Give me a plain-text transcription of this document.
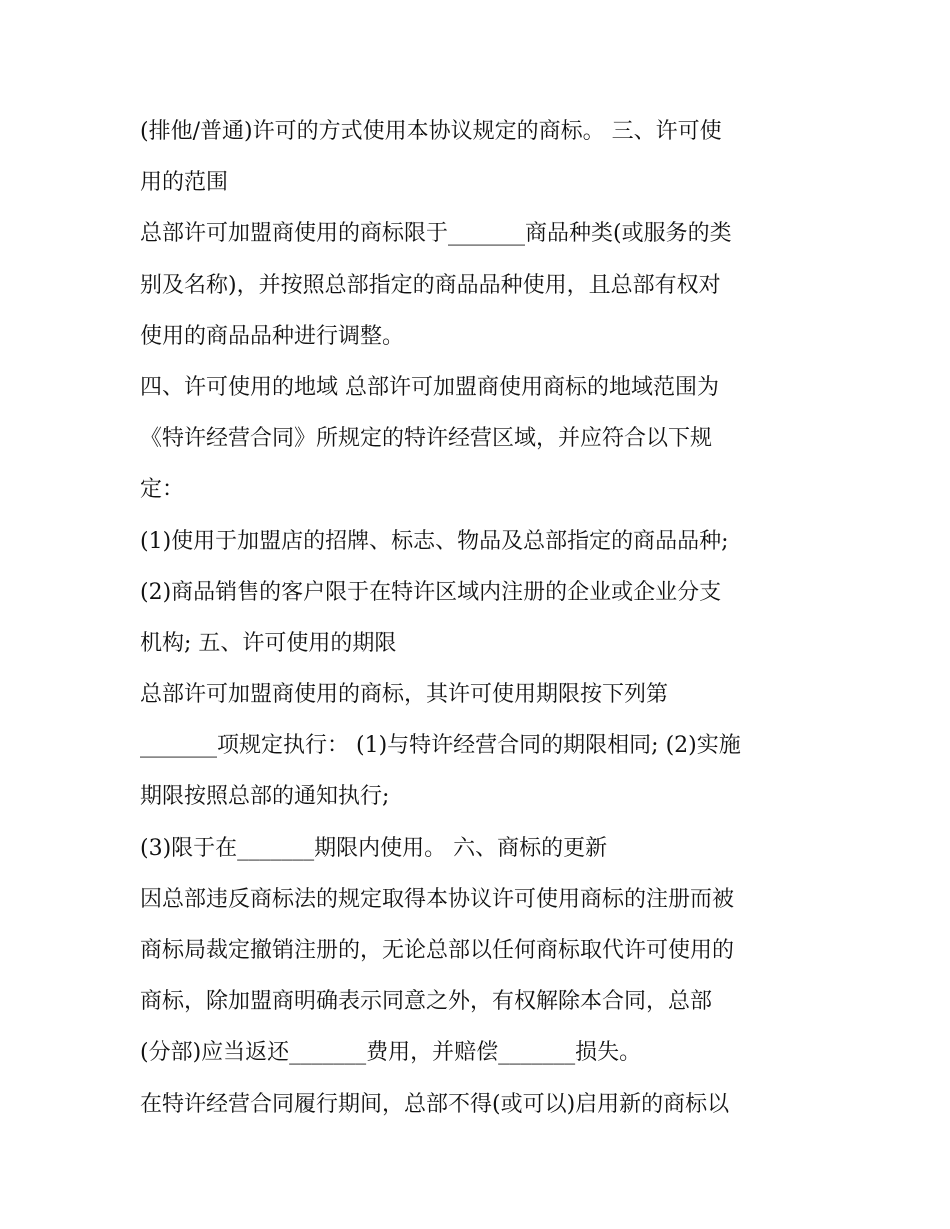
(排他/普通)许可的方式使用本协议规定的商标。 三、许可使
用的范围
总部许可加盟商使用的商标限于_______商品种类(或服务的类
别及名称)，并按照总部指定的商品品种使用，且总部有权对
使用的商品品种进行调整。
四、许可使用的地域 总部许可加盟商使用商标的地域范围为
《特许经营合同》所规定的特许经营区域，并应符合以下规
定：
(1)使用于加盟店的招牌、标志、物品及总部指定的商品品种;
(2)商品销售的客户限于在特许区域内注册的企业或企业分支
机构; 五、许可使用的期限
总部许可加盟商使用的商标，其许可使用期限按下列第
_______项规定执行： (1)与特许经营合同的期限相同; (2)实施
期限按照总部的通知执行;
(3)限于在_______期限内使用。 六、商标的更新
因总部违反商标法的规定取得本协议许可使用商标的注册而被
商标局裁定撤销注册的，无论总部以任何商标取代许可使用的
商标，除加盟商明确表示同意之外，有权解除本合同，总部
(分部)应当返还_______费用，并赔偿_______损失。
在特许经营合同履行期间，总部不得(或可以)启用新的商标以
